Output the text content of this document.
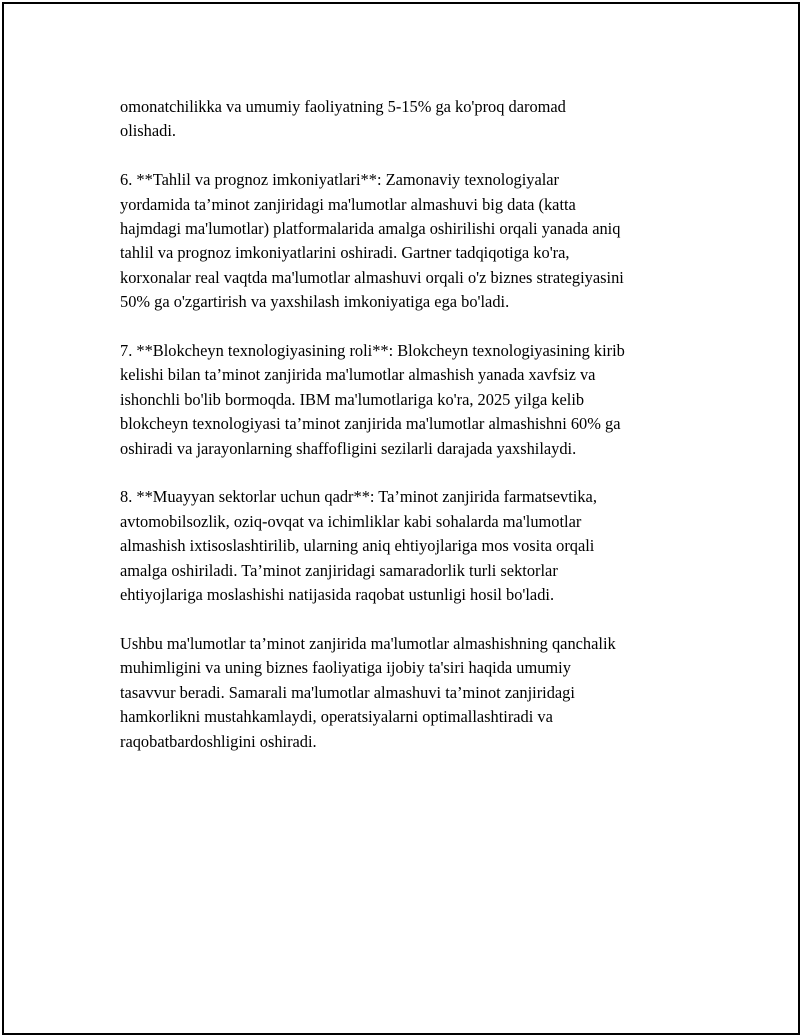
omonatchilikka va umumiy faoliyatning 5-15% ga ko'proq daromad
olishadi.

6. **Tahlil va prognoz imkoniyatlari**: Zamonaviy texnologiyalar
yordamida ta’minot zanjiridagi ma'lumotlar almashuvi big data (katta
hajmdagi ma'lumotlar) platformalarida amalga oshirilishi orqali yanada aniq
tahlil va prognoz imkoniyatlarini oshiradi. Gartner tadqiqotiga ko'ra,
korxonalar real vaqtda ma'lumotlar almashuvi orqali o'z biznes strategiyasini
50% ga o'zgartirish va yaxshilash imkoniyatiga ega bo'ladi.

7. **Blokcheyn texnologiyasining roli**: Blokcheyn texnologiyasining kirib
kelishi bilan ta’minot zanjirida ma'lumotlar almashish yanada xavfsiz va
ishonchli bo'lib bormoqda. IBM ma'lumotlariga ko'ra, 2025 yilga kelib
blokcheyn texnologiyasi ta’minot zanjirida ma'lumotlar almashishni 60% ga
oshiradi va jarayonlarning shaffofligini sezilarli darajada yaxshilaydi.

8. **Muayyan sektorlar uchun qadr**: Ta’minot zanjirida farmatsevtika,
avtomobilsozlik, oziq-ovqat va ichimliklar kabi sohalarda ma'lumotlar
almashish ixtisoslashtirilib, ularning aniq ehtiyojlariga mos vosita orqali
amalga oshiriladi. Ta’minot zanjiridagi samaradorlik turli sektorlar
ehtiyojlariga moslashishi natijasida raqobat ustunligi hosil bo'ladi.

Ushbu ma'lumotlar ta’minot zanjirida ma'lumotlar almashishning qanchalik
muhimligini va uning biznes faoliyatiga ijobiy ta'siri haqida umumiy
tasavvur beradi. Samarali ma'lumotlar almashuvi ta’minot zanjiridagi
hamkorlikni mustahkamlaydi, operatsiyalarni optimallashtiradi va
raqobatbardoshligini oshiradi.
